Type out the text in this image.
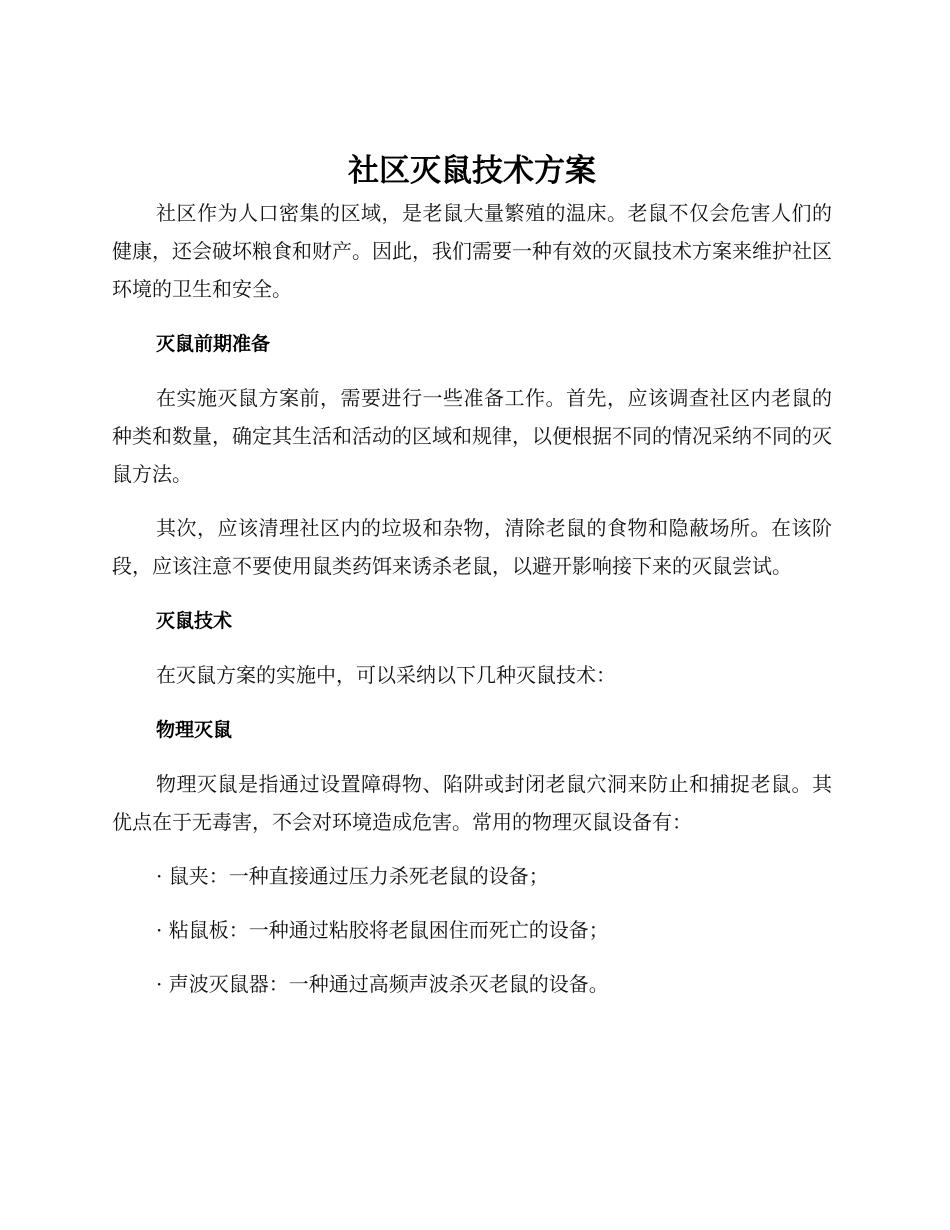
社区灭鼠技术方案

社区作为人口密集的区域，是老鼠大量繁殖的温床。老鼠不仅会危害人们的健康，还会破坏粮食和财产。因此，我们需要一种有效的灭鼠技术方案来维护社区环境的卫生和安全。

灭鼠前期准备

在实施灭鼠方案前，需要进行一些准备工作。首先，应该调查社区内老鼠的种类和数量，确定其生活和活动的区域和规律，以便根据不同的情况采纳不同的灭鼠方法。

其次，应该清理社区内的垃圾和杂物，清除老鼠的食物和隐蔽场所。在该阶段，应该注意不要使用鼠类药饵来诱杀老鼠，以避开影响接下来的灭鼠尝试。

灭鼠技术

在灭鼠方案的实施中，可以采纳以下几种灭鼠技术：

物理灭鼠

物理灭鼠是指通过设置障碍物、陷阱或封闭老鼠穴洞来防止和捕捉老鼠。其优点在于无毒害，不会对环境造成危害。常用的物理灭鼠设备有：

· 鼠夹：一种直接通过压力杀死老鼠的设备；

· 粘鼠板：一种通过粘胶将老鼠困住而死亡的设备；

· 声波灭鼠器：一种通过高频声波杀灭老鼠的设备。
